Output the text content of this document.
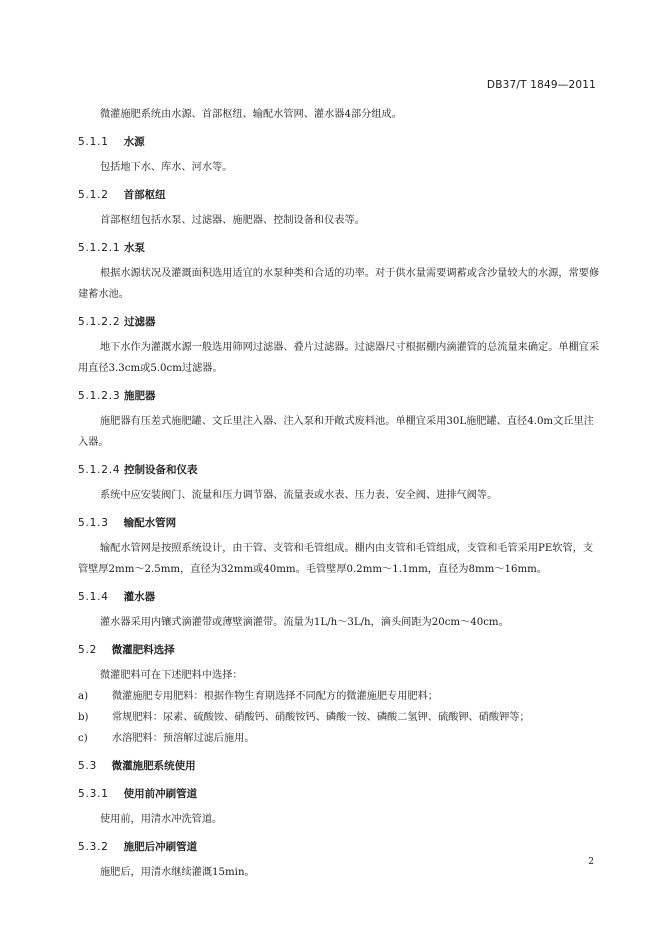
DB37/T 1849—2011

微灌施肥系统由水源、首部枢纽、输配水管网、灌水器4部分组成。

5.1.1 水源

包括地下水、库水、河水等。

5.1.2 首部枢纽

首部枢纽包括水泵、过滤器、施肥器、控制设备和仪表等。

5.1.2.1 水泵

根据水源状况及灌溉面积选用适宜的水泵种类和合适的功率。对于供水量需要调蓄或含沙量较大的水源，常要修建蓄水池。

5.1.2.2 过滤器

地下水作为灌溉水源一般选用筛网过滤器、叠片过滤器。过滤器尺寸根据棚内滴灌管的总流量来确定。单棚宜采用直径3.3cm或5.0cm过滤器。

5.1.2.3 施肥器

施肥器有压差式施肥罐、文丘里注入器、注入泵和开敞式废料池。单棚宜采用30L施肥罐、直径4.0m文丘里注入器。

5.1.2.4 控制设备和仪表

系统中应安装阀门、流量和压力调节器、流量表或水表、压力表、安全阀、进排气阀等。

5.1.3 输配水管网

输配水管网是按照系统设计，由干管、支管和毛管组成。棚内由支管和毛管组成，支管和毛管采用PE软管，支管壁厚2mm～2.5mm，直径为32mm或40mm。毛管壁厚0.2mm～1.1mm，直径为8mm～16mm。

5.1.4 灌水器

灌水器采用内镶式滴灌带或薄壁滴灌带。流量为1L/h～3L/h，滴头间距为20cm～40cm。

5.2 微灌肥料选择

微灌肥料可在下述肥料中选择：

a)	微灌施肥专用肥料：根据作物生育期选择不同配方的微灌施肥专用肥料；
b)	常规肥料：尿素、硫酸铵、硝酸钙、硝酸铵钙、磷酸一铵、磷酸二氢钾、硫酸钾、硝酸钾等；
c)	水溶肥料：预溶解过滤后施用。
5.3 微灌施肥系统使用
5.3.1 使用前冲刷管道

使用前，用清水冲洗管道。

5.3.2 施肥后冲刷管道

施肥后，用清水继续灌溉15min。

2
